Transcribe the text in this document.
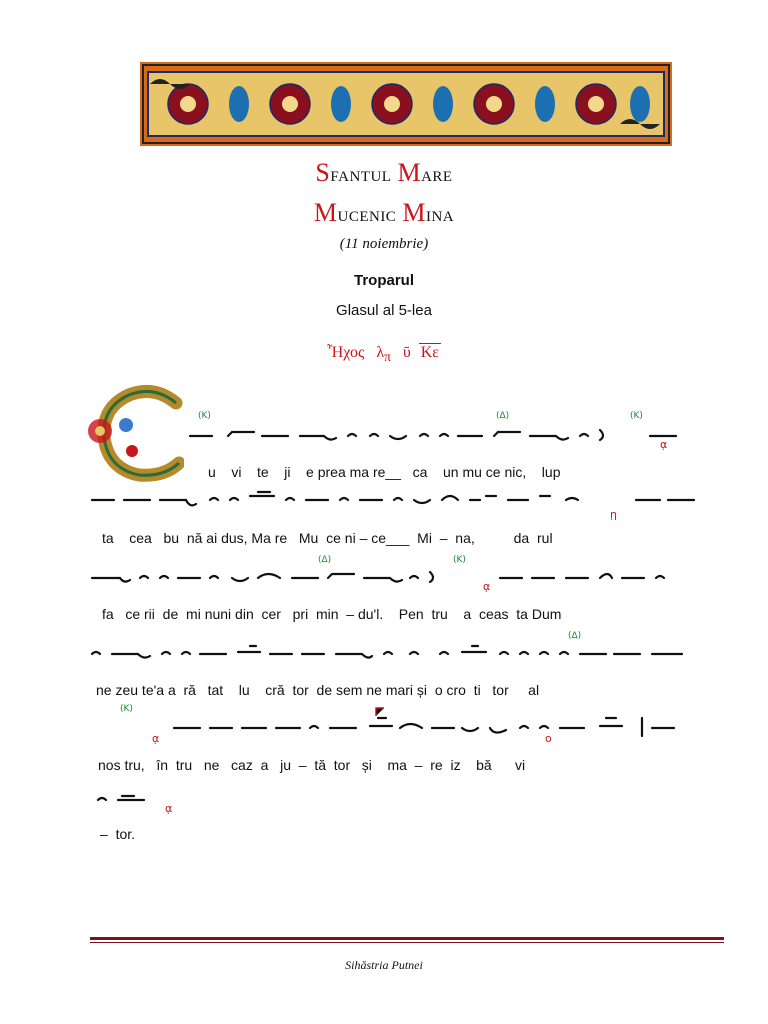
Sfantul Mare
Mucenic Mina
(11 noiembrie)
Troparul
Glasul al 5-lea
Ἦχος $\lambda_\pi$ ῡ Κε
ᾳ
ῃ
ᾳ
ᾳ	ο
ᾳ
(Κ)	(Δ)	(Κ)
(Δ)	(Κ)
(Δ)
(Κ)
u    vi    te    ji    e prea ma re__   ca    un mu ce nic,    lup
ta    cea   bu  nă ai dus, Ma re   Mu  ce ni – ce___  Mi  –  na,          da  rul
fa   ce rii  de  mi nuni din  cer   pri  min  – du'l.    Pen  tru    a  ceas  ta Dum
ne zeu te'a a  ră   tat    lu    cră  tor  de sem ne mari și  o cro  ti   tor     al
nos tru,   în  tru   ne   caz  a   ju  –  tă  tor   și    ma  –  re  iz    bă      vi
–  tor.
Sihăstria Putnei
